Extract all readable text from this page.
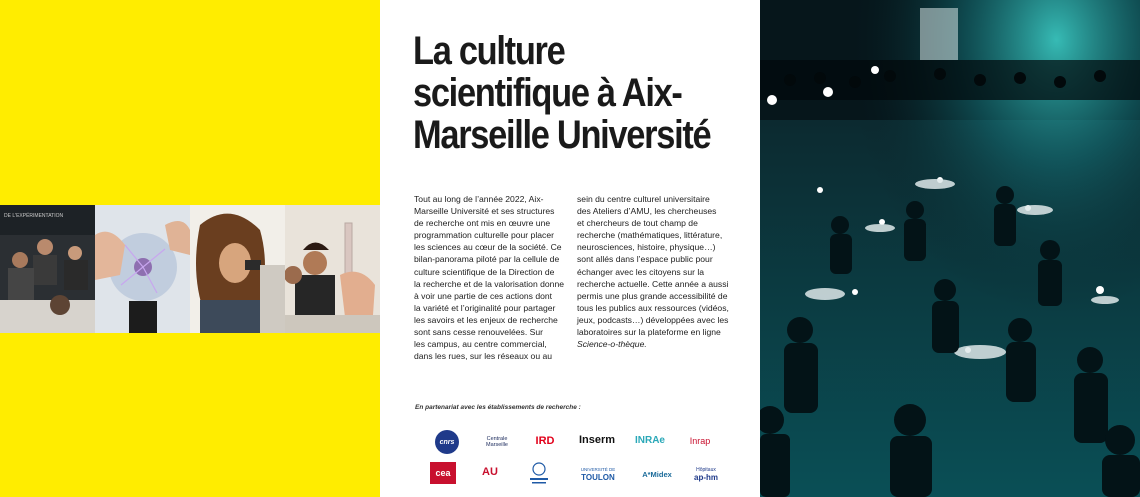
DE L'EXPÉRIMENTATION
La culture
scientifique à Aix-
Marseille Université
Tout au long de l’année 2022, Aix-
Marseille Université et ses structures
de recherche ont mis en œuvre une
programmation culturelle pour placer
les sciences au cœur de la société. Ce
bilan-panorama piloté par la cellule de
culture scientifique de la Direction de
la recherche et de la valorisation donne
à voir une partie de ces actions dont
la variété et l’originalité pour partager
les savoirs et les enjeux de recherche
sont sans cesse renouvelées. Sur
les campus, au centre commercial,
dans les rues, sur les réseaux ou au
sein du centre culturel universitaire
des Ateliers d’AMU, les chercheuses
et chercheurs de tout champ de
recherche (mathématiques, littérature,
neurosciences, histoire, physique…)
sont allés dans l’espace public pour
échanger avec les citoyens sur la
recherche actuelle. Cette année a aussi
permis une plus grande accessibilité de
tous les publics aux ressources (vidéos,
jeux, podcasts…) développées avec les
laboratoires sur la plateforme en ligne
Science-o-thèque.
En partenariat avec les établissements de recherche :
cnrs	Centrale
Marseille	IRD Inserm INRAe	Inrap
cea	AU	UNIVERSITÉ DE
TOULON	A*Midex	Hôpitaux
ap-hm
